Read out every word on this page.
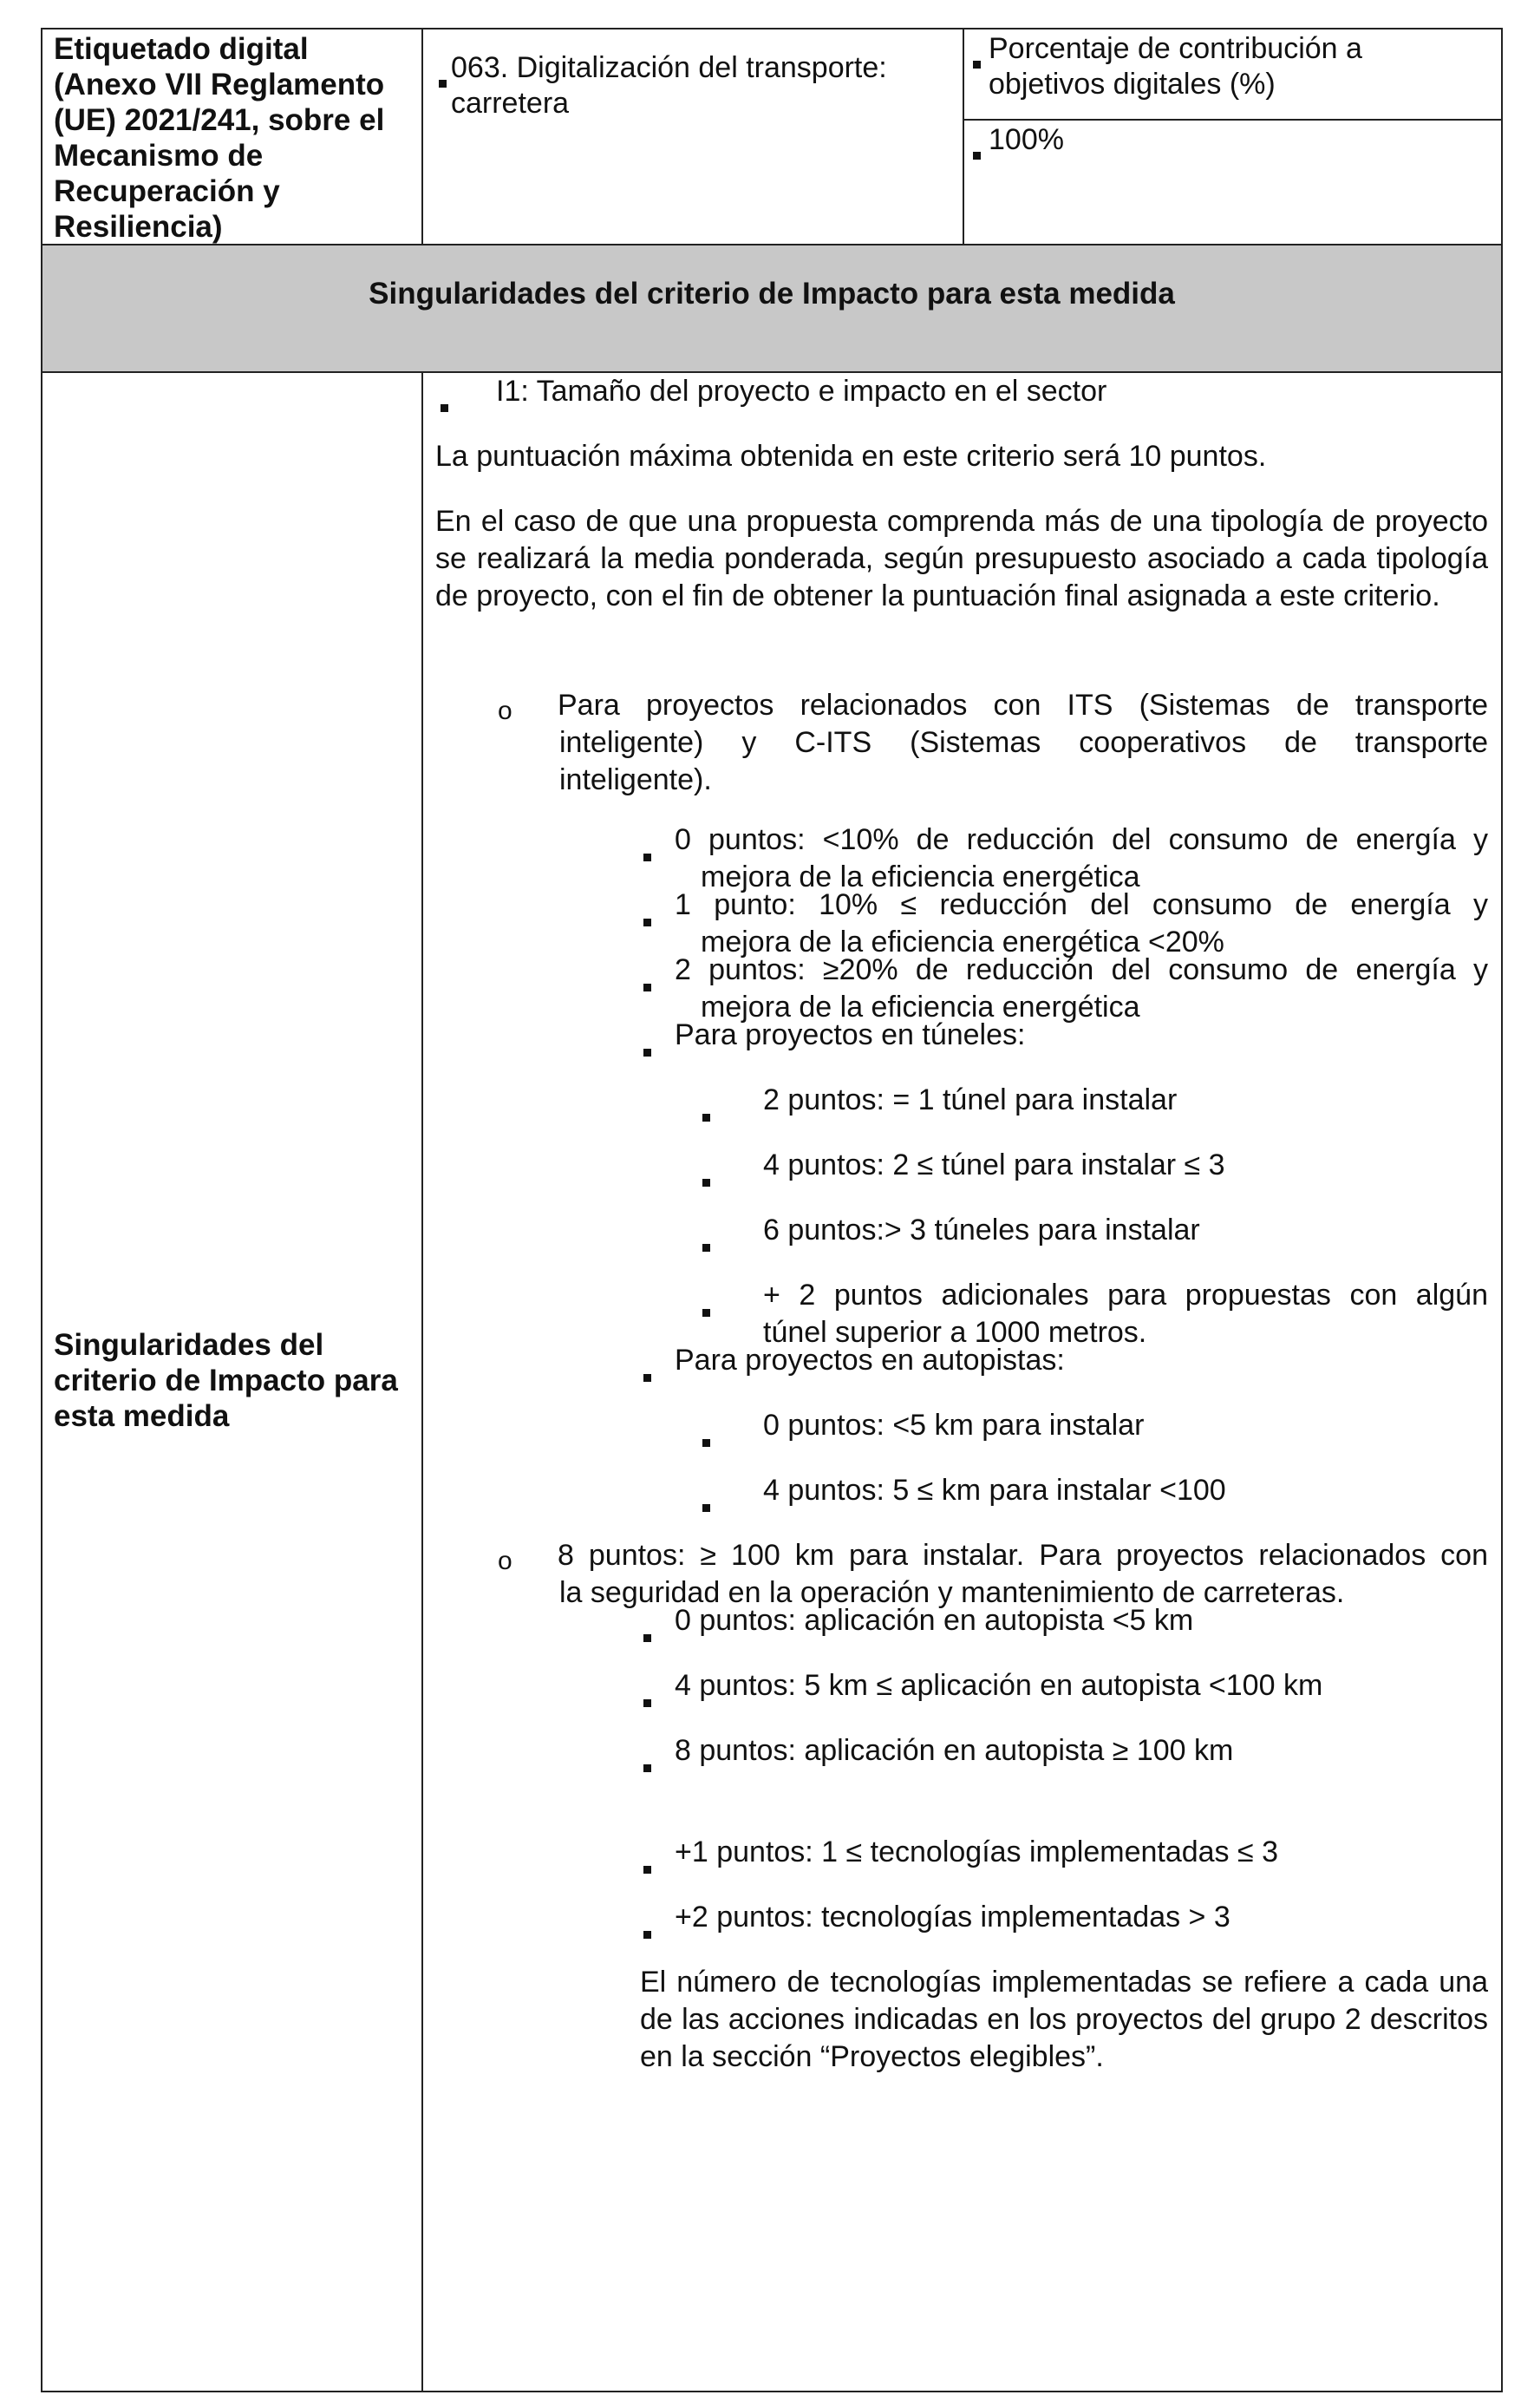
Etiquetado digital (Anexo VII Reglamento (UE) 2021/241, sobre el Mecanismo de Recuperación y Resiliencia)
063. Digitalización del transporte: carretera
Porcentaje de contribución a objetivos digitales (%)
100%
Singularidades del criterio de Impacto para esta medida
Singularidades del criterio de Impacto para esta medida
I1: Tamaño del proyecto e impacto en el sector
La puntuación máxima obtenida en este criterio será 10 puntos.
En el caso de que una propuesta comprenda más de una tipología de proyecto se realizará la media ponderada, según presupuesto asociado a cada tipología de proyecto, con el fin de obtener la puntuación final asignada a este criterio.
o Para proyectos relacionados con ITS (Sistemas de transporte
inteligente) y C-ITS (Sistemas cooperativos de transporte
inteligente).
0 puntos: <10% de reducción del consumo de energía y
mejora de la eficiencia energética
1 punto: 10% ≤ reducción del consumo de energía y
mejora de la eficiencia energética <20%
2 puntos: ≥20% de reducción del consumo de energía y
mejora de la eficiencia energética
Para proyectos en túneles:
2 puntos: = 1 túnel para instalar
4 puntos: 2 ≤ túnel para instalar ≤ 3
6 puntos:> 3 túneles para instalar
+ 2 puntos adicionales para propuestas con algún
túnel superior a 1000 metros.
Para proyectos en autopistas:
0 puntos: <5 km para instalar
4 puntos: 5 ≤ km para instalar <100
o 8 puntos: ≥ 100 km para instalar. Para proyectos relacionados con
la seguridad en la operación y mantenimiento de carreteras.
0 puntos: aplicación en autopista <5 km
4 puntos: 5 km ≤ aplicación en autopista <100 km
8 puntos: aplicación en autopista ≥ 100 km
+1 puntos: 1 ≤ tecnologías implementadas ≤ 3
+2 puntos: tecnologías implementadas > 3
El número de tecnologías implementadas se refiere a cada una de las acciones indicadas en los proyectos del grupo 2 descritos en la sección “Proyectos elegibles”.
